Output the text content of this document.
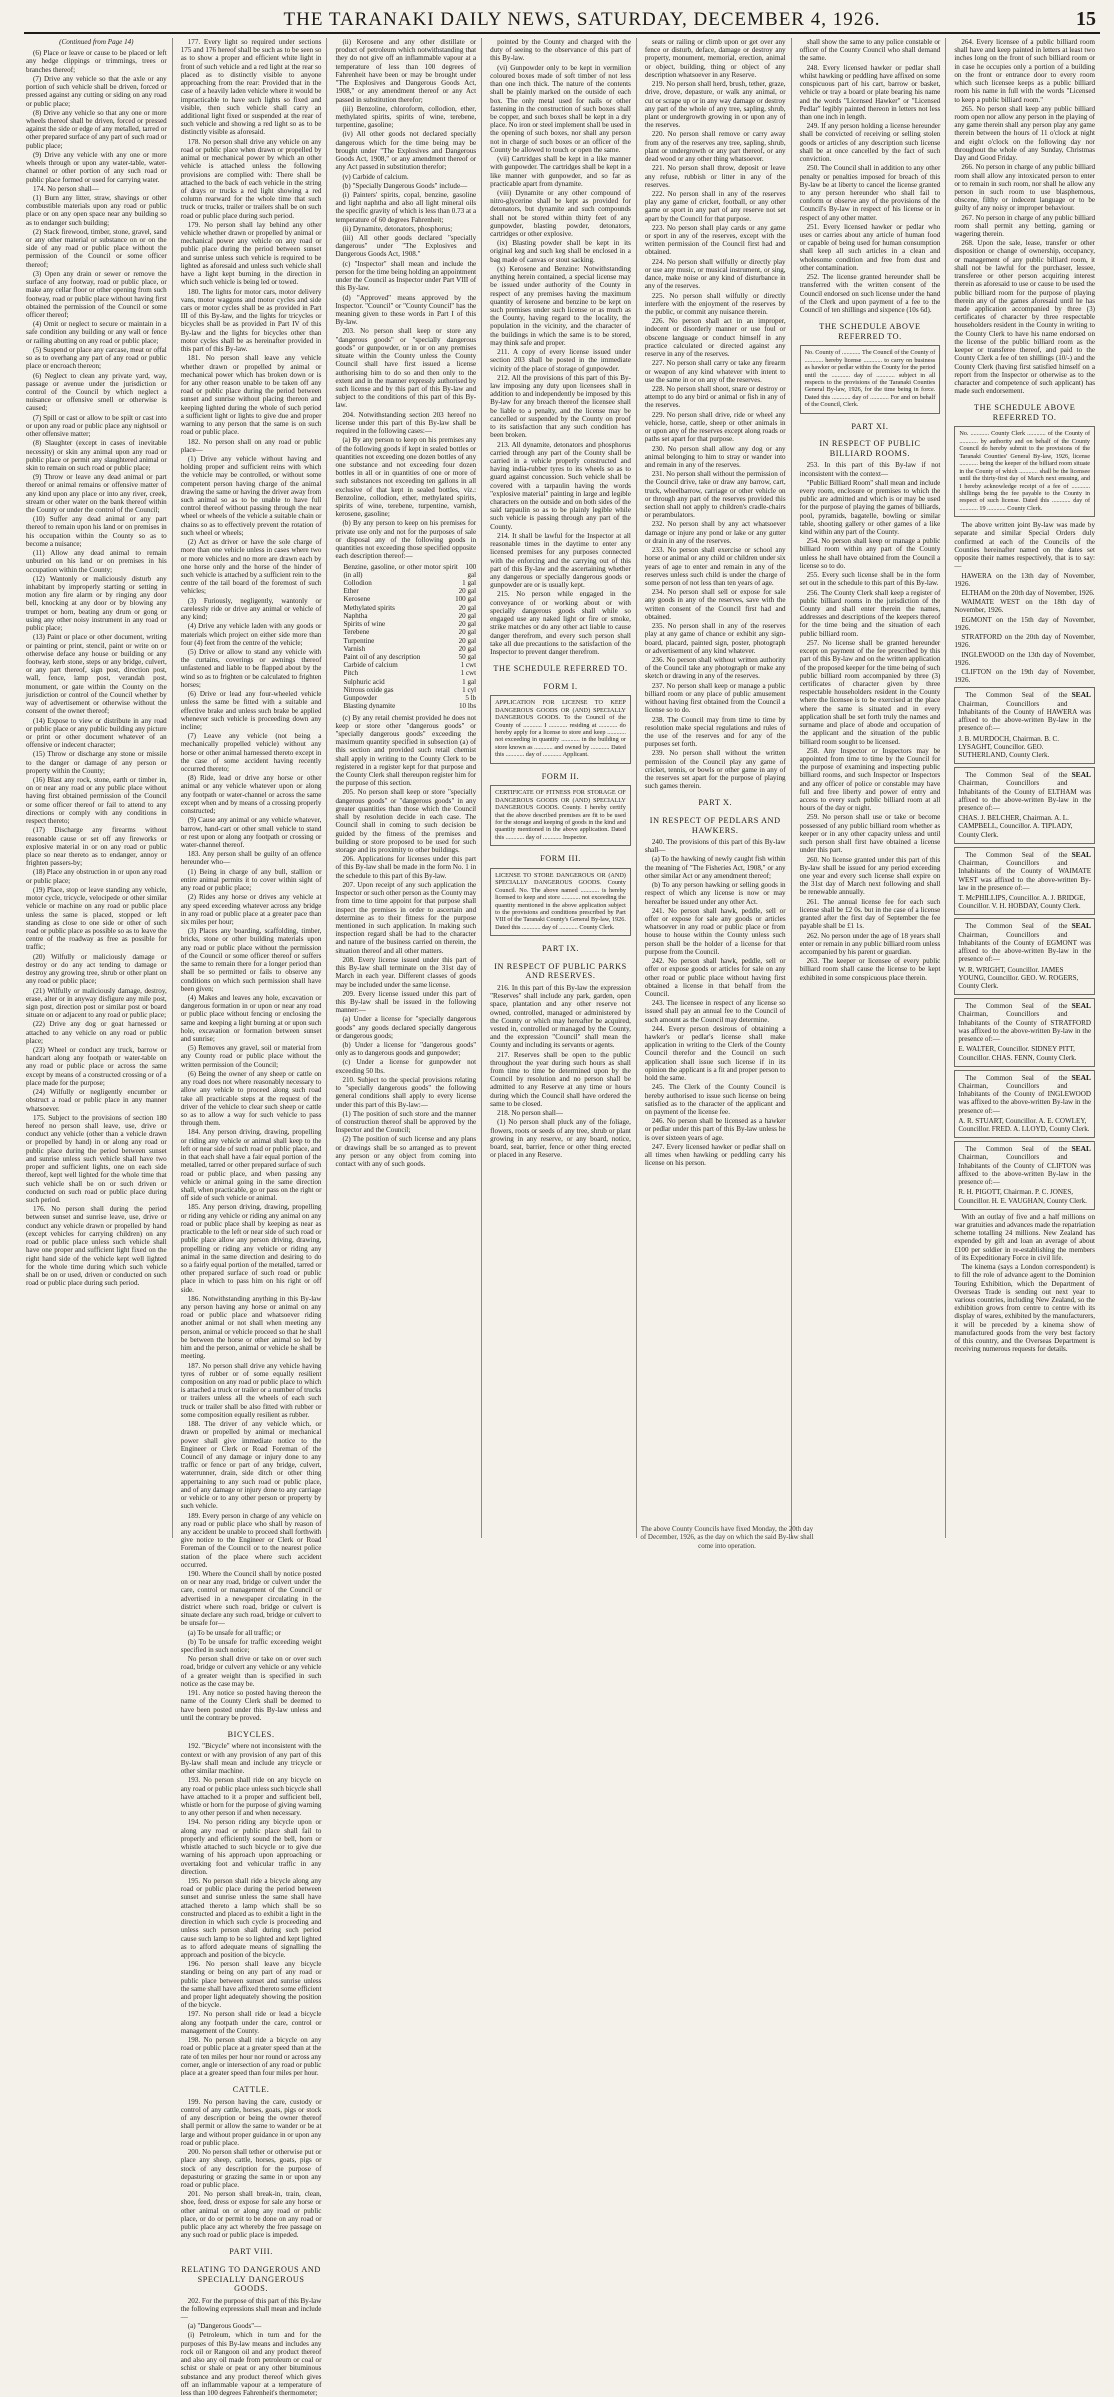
THE TARANAKI DAILY NEWS, SATURDAY, DECEMBER 4, 1926.	15

(Continued from Page 14)

(6) Place or leave or cause to be placed or left any hedge clippings or trimmings, trees or branches thereof;

(7) Drive any vehicle so that the axle or any portion of such vehicle shall be driven, forced or pressed against any cutting or siding on any road or public place;

(8) Drive any vehicle so that any one or more wheels thereof shall be driven, forced or pressed against the side or edge of any metalled, tarred or other prepared surface of any part of such road or public place;

(9) Drive any vehicle with any one or more wheels through or upon any water-table, water-channel or other portion of any such road or public place formed or used for carrying water.

174. No person shall—

(1) Burn any litter, straw, shavings or other combustible materials upon any road or public place or on any open space near any building so as to endanger such building;

(2) Stack firewood, timber, stone, gravel, sand or any other material or substance on or on the side of any road or public place without the permission of the Council or some officer thereof;

(3) Open any drain or sewer or remove the surface of any footway, road or public place, or make any cellar floor or other opening from such footway, road or public place without having first obtained the permission of the Council or some officer thereof;

(4) Omit or neglect to secure or maintain in a safe condition any building or any wall or fence or railing abutting on any road or public place;

(5) Suspend or place any carcase, meat or offal so as to overhang any part of any road or public place or encroach thereon;

(6) Neglect to clean any private yard, way, passage or avenue under the jurisdiction or control of the Council by which neglect a nuisance or offensive smell or otherwise is caused;

(7) Spill or cast or allow to be spilt or cast into or upon any road or public place any nightsoil or other offensive matter;

(8) Slaughter (except in cases of inevitable necessity) or skin any animal upon any road or public place or permit any slaughtered animal or skin to remain on such road or public place;

(9) Throw or leave any dead animal or part thereof or animal remains or offensive matter of any kind upon any place or into any river, creek, stream or other water on the bank thereof within the County or under the control of the Council;

(10) Suffer any dead animal or any part thereof to remain upon his land or on premises in his occupation within the County so as to become a nuisance;

(11) Allow any dead animal to remain unburied on his land or on premises in his occupation within the County;

(12) Wantonly or maliciously disturb any inhabitant by improperly starting or setting in motion any fire alarm or by ringing any door bell, knocking at any door or by blowing any trumpet or horn, beating any drum or gong or using any other noisy instrument in any road or public place;

(13) Paint or place or other document, writing or painting or print, stencil, paint or write on or otherwise deface any house or building or any footway, kerb stone, steps or any bridge, culvert, or any part thereof, sign post, direction post, wall, fence, lamp post, verandah post, monument, or gate within the County on the jurisdiction or control of the Council whether by way of advertisement or otherwise without the consent of the owner thereof;

(14) Expose to view or distribute in any road or public place or any public building any picture or print or other document whatever of an offensive or indecent character;

(15) Throw or discharge any stone or missile to the danger or damage of any person or property within the County;

(16) Blast any rock, stone, earth or timber in, on or near any road or any public place without having first obtained permission of the Council or some officer thereof or fail to attend to any directions or comply with any conditions in respect thereto;

(17) Discharge any firearms without reasonable cause or set off any fireworks or explosive material in or on any road or public place so near thereto as to endanger, annoy or frighten passers-by;

(18) Place any obstruction in or upon any road or public place;

(19) Place, stop or leave standing any vehicle, motor cycle, tricycle, velocipede or other similar vehicle or machine on any road or public place unless the same is placed, stopped or left standing as close to one side or other of such road or public place as possible so as to leave the centre of the roadway as free as possible for traffic;

(20) Wilfully or maliciously damage or destroy or do any act tending to damage or destroy any growing tree, shrub or other plant on any road or public place;

(21) Wilfully or maliciously damage, destroy, erase, alter or in anyway disfigure any mile post, sign post, direction post or similar post or board situate on or adjacent to any road or public place;

(22) Drive any dog or goat harnessed or attached to any vehicle on any road or public place;

(23) Wheel or conduct any truck, barrow or handcart along any footpath or water-table on any road or public place or across the same except by means of a constructed crossing or of a place made for the purpose;

(24) Wilfully or negligently encumber or obstruct a road or public place in any manner whatsoever.

175. Subject to the provisions of section 180 hereof no person shall leave, use, drive or conduct any vehicle (other than a vehicle drawn or propelled by hand) in or along any road or public place during the period between sunset and sunrise unless such vehicle shall have two proper and sufficient lights, one on each side thereof, kept well lighted for the whole time that such vehicle shall be on or such driven or conducted on such road or public place during such period.

176. No person shall during the period between sunset and sunrise leave, use, drive or conduct any vehicle drawn or propelled by hand (except vehicles for carrying children) on any road or public place unless such vehicle shall have one proper and sufficient light fixed on the right hand side of the vehicle kept well lighted for the whole time during which such vehicle shall be on or used, driven or conducted on such road or public place during such period.

177. Every light so required under sections 175 and 176 hereof shall be such as to be seen so as to show a proper and efficient white light in front of such vehicle and a red light at the rear so placed as to distinctly visible to anyone approaching from the rear: Provided that in the case of a heavily laden vehicle where it would be impracticable to have such lights so fixed and visible, then such vehicle shall carry an additional light fixed or suspended at the rear of such vehicle and showing a red light so as to be distinctly visible as aforesaid.

178. No person shall drive any vehicle on any road or public place when drawn or propelled by animal or mechanical power by which an other vehicle is attached unless the following provisions are complied with: There shall be attached to the back of each vehicle in the string of drays or trucks a red light showing a red column rearward for the whole time that such truck or trucks, trailer or trailers shall be on such road or public place during such period.

179. No person shall lay behind any other vehicle whether drawn or propelled by animal or mechanical power any vehicle on any road or public place during the period between sunset and sunrise unless such vehicle is required to be lighted as aforesaid and unless such vehicle shall have a light kept burning in the direction in which such vehicle is being led or towed.

180. The lights for motor cars, motor delivery vans, motor waggons and motor cycles and side cars or motor cycles shall be as provided in Part III of this By-law, and the lights for tricycles or bicycles shall be as provided in Part IV of this By-law and the lights for bicycles other than motor cycles shall be as hereinafter provided in this part of this By-law.

181. No person shall leave any vehicle whether drawn or propelled by animal or mechanical power which has broken down or is for any other reason unable to be taken off any road or public place during the period between sunset and sunrise without placing thereon and keeping lighted during the whole of such period a sufficient light or lights to give due and proper warning to any person that the same is on such road or public place.

182. No person shall on any road or public place—

(1) Drive any vehicle without having and holding proper and sufficient reins with which the vehicle may be controlled, or without some competent person having charge of the animal drawing the same or having the driver away from such animal so as to be unable to have full control thereof without passing through the near wheel or wheels of the vehicle a suitable chain or chains so as to effectively prevent the rotation of such wheel or wheels;

(2) Act as driver or have the sole charge of more than one vehicle unless in cases where two or more vehicles and no more are drawn each by one horse only and the horse of the hinder of such vehicle is attached by a sufficient rein to the centre of the tail board of the foremost of such vehicles;

(3) Furiously, negligently, wantonly or carelessly ride or drive any animal or vehicle of any kind;

(4) Drive any vehicle laden with any goods or materials which project on either side more than four (4) feet from the centre of the vehicle;

(5) Drive or allow to stand any vehicle with the curtains, coverings or awnings thereof unfastened and liable to be flapped about by the wind so as to frighten or be calculated to frighten horses;

(6) Drive or lead any four-wheeled vehicle unless the same be fitted with a suitable and effective brake and unless such brake be applied whenever such vehicle is proceeding down any incline;

(7) Leave any vehicle (not being a mechanically propelled vehicle) without any horse or other animal harnessed thereto except in the case of some accident having recently occurred thereto;

(8) Ride, lead or drive any horse or other animal or any vehicle whatever upon or along any footpath or water-channel or across the same except when and by means of a crossing properly constructed;

(9) Cause any animal or any vehicle whatever, barrow, hand-cart or other small vehicle to stand or rest upon or along any footpath or crossing or water-channel thereof.

183. Any person shall be guilty of an offence hereunder who—

(1) Being in charge of any bull, stallion or entire animal permits it to cover within sight of any road or public place;

(2) Rides any horse or drives any vehicle at any speed exceeding whatever across any bridge in any road or public place at a greater pace than six miles per hour;

(3) Places any boarding, scaffolding, timber, bricks, stone or other building materials upon any road or public place without the permission of the Council or some officer thereof or suffers the same to remain there for a longer period than shall be so permitted or fails to observe any conditions on which such permission shall have been given;

(4) Makes and leaves any hole, excavation or dangerous formation in or upon or near any road or public place without fencing or enclosing the same and keeping a light burning at or upon such hole, excavation or formation between sunset and sunrise;

(5) Removes any gravel, soil or material from any County road or public place without the written permission of the Council;

(6) Being the owner of any sheep or cattle on any road does not where reasonably necessary to allow any vehicle to proceed along such road take all practicable steps at the request of the driver of the vehicle to clear such sheep or cattle so as to allow a way for such vehicle to pass through them.

184. Any person driving, drawing, propelling or riding any vehicle or animal shall keep to the left or near side of such road or public place, and in that each shall have a fair equal portion of the metalled, tarred or other prepared surface of such road or public place, and when passing any vehicle or animal going in the same direction shall, when practicable, go or pass on the right or off side of such vehicle or animal.

185. Any person driving, drawing, propelling or riding any vehicle or riding any animal on any road or public place shall by keeping as near as practicable to the left or near side of such road or public place allow any person driving, drawing, propelling or riding any vehicle or riding any animal in the same direction and desiring to do so a fairly equal portion of the metalled, tarred or other prepared surface of such road or public place in which to pass him on his right or off side.

186. Notwithstanding anything in this By-law any person having any horse or animal on any road or public place and whatsoever riding another animal or not shall when meeting any person, animal or vehicle proceed so that he shall be between the horse or other animal so led by him and the person, animal or vehicle he shall be meeting.

187. No person shall drive any vehicle having tyres of rubber or of some equally resilient composition on any road or public place to which is attached a truck or trailer or a number of trucks or trailers unless all the wheels of each such truck or trailer shall be also fitted with rubber or some composition equally resilient as rubber.

188. The driver of any vehicle which, or drawn or propelled by animal or mechanical power shall give immediate notice to the Engineer or Clerk or Road Foreman of the Council of any damage or injury done to any traffic or fence or part of any bridge, culvert, waterrunner, drain, side ditch or other thing appertaining to any such road or public place, and of any damage or injury done to any carriage or vehicle or to any other person or property by such vehicle.

189. Every person in charge of any vehicle on any road or public place who shall by reason of any accident be unable to proceed shall forthwith give notice to the Engineer or Clerk or Road Foreman of the Council or to the nearest police station of the place where such accident occurred.

190. Where the Council shall by notice posted on or near any road, bridge or culvert under the care, control or management of the Council or advertised in a newspaper circulating in the district where such road, bridge or culvert is situate declare any such road, bridge or culvert to be unsafe for—

(a) To be unsafe for all traffic; or

(b) To be unsafe for traffic exceeding weight specified in such notice;

No person shall drive or take on or over such road, bridge or culvert any vehicle or any vehicle of a greater weight than is specified in such notice as the case may be.

191. Any notice so posted having thereon the name of the County Clerk shall be deemed to have been posted under this By-law unless and until the contrary be proved.

BICYCLES.

192. "Bicycle" where not inconsistent with the context or with any provision of any part of this By-law shall mean and include any tricycle or other similar machine.

193. No person shall ride on any bicycle on any road or public place unless such bicycle shall have attached to it a proper and sufficient bell, whistle or horn for the purpose of giving warning to any other person if and when necessary.

194. No person riding any bicycle upon or along any road or public place shall fail to properly and efficiently sound the bell, horn or whistle attached to such bicycle or to give due warning of his approach upon approaching or overtaking foot and vehicular traffic in any direction.

195. No person shall ride a bicycle along any road or public place during the period between sunset and sunrise unless the same shall have attached thereto a lamp which shall be so constructed and placed as to exhibit a light in the direction in which such cycle is proceeding and unless such person shall during such period cause such lamp to be so lighted and kept lighted as to afford adequate means of signalling the approach and position of the bicycle.

196. No person shall leave any bicycle standing or being on any part of any road or public place between sunset and sunrise unless the same shall have affixed thereto some efficient and proper light adequately showing the position of the bicycle.

197. No person shall ride or lead a bicycle along any footpath under the care, control or management of the County.

198. No person shall ride a bicycle on any road or public place at a greater speed than at the rate of ten miles per hour nor round or across any corner, angle or intersection of any road or public place at a greater speed than four miles per hour.

CATTLE.

199. No person having the care, custody or control of any cattle, horses, goats, pigs or stock of any description or being the owner thereof shall permit or allow the same to wander or be at large and without proper guidance in or upon any road or public place.

200. No person shall tether or otherwise put or place any sheep, cattle, horses, goats, pigs or stock of any description for the purpose of depasturing or grazing the same in or upon any road or public place.

201. No person shall break-in, train, clean, shoe, feed, dress or expose for sale any horse or other animal on or along any road or public place, or do or permit to be done on any road or public place any act whereby the free passage on any such road or public place is impeded.

PART VIII.
RELATING TO DANGEROUS AND SPECIALLY DANGEROUS GOODS.

202. For the purpose of this part of this By-law the following expressions shall mean and include—

(a) "Dangerous Goods"—

(i) Petroleum, which in turn and for the purposes of this By-law means and includes any rock oil or Rangoon oil and any product thereof and also any oil made from petroleum or coal or schist or shale or peat or any other bituminous substance and any product thereof which gives off an inflammable vapour at a temperature of less than 100 degrees Fahrenheit's thermometer;

(ii) Kerosene and any other distillate or product of petroleum which notwithstanding that they do not give off an inflammable vapour at a temperature of less than 100 degrees of Fahrenheit have been or may be brought under "The Explosives and Dangerous Goods Act, 1908," or any amendment thereof or any Act passed in substitution therefor;

(iii) Benzoline, chloroform, collodion, ether, methylated spirits, spirits of wine, terebene, turpentine, gasoline;

(iv) All other goods not declared specially dangerous which for the time being may be brought under "The Explosives and Dangerous Goods Act, 1908," or any amendment thereof or any Act passed in substitution therefor;

(v) Carbide of calcium.

(b) "Specially Dangerous Goods" include—

(i) Painters' spirits, copal, benzine, gasoline and light naphtha and also all light mineral oils the specific gravity of which is less than 0.73 at a temperature of 60 degrees Fahrenheit;

(ii) Dynamite, detonators, phosphorus;

(iii) All other goods declared "specially dangerous" under "The Explosives and Dangerous Goods Act, 1908."

(c) "Inspector" shall mean and include the person for the time being holding an appointment under the Council as Inspector under Part VIII of this By-law.

(d) "Approved" means approved by the Inspector. "Council" or "County Council" has the meaning given to these words in Part I of this By-law.

203. No person shall keep or store any "dangerous goods" or "specially dangerous goods" or gunpowder, or in or on any premises situate within the County unless the County Council shall have first issued a license authorising him to do so and then only to the extent and in the manner expressly authorised by such license and by this part of this By-law and subject to the conditions of this part of this By-law.

204. Notwithstanding section 203 hereof no license under this part of this By-law shall be required in the following cases:—

(a) By any person to keep on his premises any of the following goods if kept in sealed bottles or quantities not exceeding one dozen bottles of any one substance and not exceeding four dozen bottles in all or in quantities of one or more of such substances not exceeding ten gallons in all exclusive of that kept in sealed bottles, viz.: Benzoline, collodion, ether, methylated spirits, spirits of wine, terebene, turpentine, varnish, kerosene, gasoline;

(b) By any person to keep on his premises for private use only and not for the purposes of sale or disposal any of the following goods in quantities not exceeding those specified opposite each description thereof:—

Benzine, gasoline, or other motor spirit (in all)
100 gal
Collodion	1 gal
Ether	20 gal
Kerosene	100 gal
Methylated spirits	20 gal
Naphtha	20 gal
Spirits of wine	20 gal
Terebene	20 gal
Turpentine	20 gal
Varnish	20 gal
Paint oil of any description	50 gal
Carbide of calcium	1 cwt
Pitch	1 cwt
Sulphuric acid	1 gal
Nitrous oxide gas	1 cyl
Gunpowder	5 lb
Blasting dynamite	10 lbs

(c) By any retail chemist provided he does not keep or store other "dangerous goods" or "specially dangerous goods" exceeding the maximum quantity specified in subsection (a) of this section and provided such retail chemist shall apply in writing to the County Clerk to be registered in a register kept for that purpose and the County Clerk shall thereupon register him for the purpose of this section.

205. No person shall keep or store "specially dangerous goods" or "dangerous goods" in any greater quantities than those which the Council shall by resolution decide in each case. The Council shall in coming to such decision be guided by the fitness of the premises and building or store proposed to be used for such storage and its proximity to other buildings.

206. Applications for licenses under this part of this By-law shall be made in the form No. 1 in the schedule to this part of this By-law.

207. Upon receipt of any such application the Inspector or such other person as the County may from time to time appoint for that purpose shall inspect the premises in order to ascertain and determine as to their fitness for the purpose mentioned in such application. In making such inspection regard shall be had to the character and nature of the business carried on therein, the situation thereof and all other matters.

208. Every license issued under this part of this By-law shall terminate on the 31st day of March in each year. Different classes of goods may be included under the same license.

209. Every license issued under this part of this By-law shall be issued in the following manner:—

(a) Under a license for "specially dangerous goods" any goods declared specially dangerous or dangerous goods;

(b) Under a license for "dangerous goods" only as to dangerous goods and gunpowder;

(c) Under a license for gunpowder not exceeding 50 lbs.

210. Subject to the special provisions relating to "specially dangerous goods" the following general conditions shall apply to every license under this part of this By-law:—

(1) The position of such store and the manner of construction thereof shall be approved by the Inspector and the Council;

(2) The position of such license and any plans or drawings shall be so arranged as to prevent any person or any object from coming into contact with any of such goods.

pointed by the County and charged with the duty of seeing to the observance of this part of this By-law.

(vi) Gunpowder only to be kept in vermilion coloured boxes made of soft timber of not less than one inch thick. The nature of the contents shall be plainly marked on the outside of each box. The only metal used for nails or other fastening in the construction of such boxes shall be copper, and such boxes shall be kept in a dry place. No iron or steel implement shall be used in the opening of such boxes, nor shall any person not in charge of such boxes or an officer of the County be allowed to touch or open the same.

(vii) Cartridges shall be kept in a like manner with gunpowder. The cartridges shall be kept in a like manner with gunpowder, and so far as practicable apart from dynamite.

(viii) Dynamite or any other compound of nitro-glycerine shall be kept as provided for detonators, but dynamite and such compounds shall not be stored within thirty feet of any gunpowder, blasting powder, detonators, cartridges or other explosive.

(ix) Blasting powder shall be kept in its original keg and such keg shall be enclosed in a bag made of canvas or stout sacking.

(x) Kerosene and Benzine: Notwithstanding anything herein contained, a special license may be issued under authority of the County in respect of any premises having the maximum quantity of kerosene and benzine to be kept on such premises under such license or as much as the County, having regard to the locality, the population in the vicinity, and the character of the buildings in which the same is to be stored, may think safe and proper.

211. A copy of every license issued under section 203 shall be posted in the immediate vicinity of the place of storage of gunpowder.

212. All the provisions of this part of this By-law imposing any duty upon licensees shall in addition to and independently be imposed by this By-law for any breach thereof the licensee shall be liable to a penalty, and the license may be cancelled or suspended by the County on proof to its satisfaction that any such condition has been broken.

213. All dynamite, detonators and phosphorus carried through any part of the County shall be carried in a vehicle properly constructed and having india-rubber tyres to its wheels so as to guard against concussion. Such vehicle shall be covered with a tarpaulin having the words "explosive material" painting in large and legible characters on the outside and on both sides of the said tarpaulin so as to be plainly legible while such vehicle is passing through any part of the County.

214. It shall be lawful for the Inspector at all reasonable times in the daytime to enter any licensed premises for any purposes connected with the enforcing and the carrying out of this part of this By-law and the ascertaining whether any dangerous or specially dangerous goods or gunpowder are or is usually kept.

215. No person while engaged in the conveyance of or working about or with specially dangerous goods shall while so engaged use any naked light or fire or smoke, strike matches or do any other act liable to cause danger therefrom, and every such person shall take all due precautions to the satisfaction of the Inspector to prevent danger therefrom.

THE SCHEDULE REFERRED TO.
FORM I.

APPLICATION FOR LICENSE TO KEEP DANGEROUS GOODS OR (AND) SPECIALLY DANGEROUS GOODS. To the Council of the County of ............ I ............ residing at ............ do hereby apply for a license to store and keep ............ not exceeding in quantity ............ in the building or store known as ............ and owned by ............ Dated this ............ day of ............ Applicant.

FORM II.

CERTIFICATE OF FITNESS FOR STORAGE OF DANGEROUS GOODS OR (AND) SPECIALLY DANGEROUS GOODS. County. I hereby certify that the above described premises are fit to be used for the storage and keeping of goods in the kind and quantity mentioned in the above application. Dated this ............ day of ............ Inspector.

FORM III.

LICENSE TO STORE DANGEROUS OR (AND) SPECIALLY DANGEROUS GOODS. County Council. No. The above named ............ is hereby licensed to keep and store ............ not exceeding the quantity mentioned in the above application subject to the provisions and conditions prescribed by Part VIII of the Taranaki County's General By-law, 1926. Dated this ............ day of ............ County Clerk.

PART IX.
IN RESPECT OF PUBLIC PARKS AND RESERVES.

216. In this part of this By-law the expression "Reserves" shall include any park, garden, open space, plantation and any other reserve not owned, controlled, managed or administered by the County or which may hereafter be acquired, vested in, controlled or managed by the County, and the expression "Council" shall mean the County and including its servants or agents.

217. Reserves shall be open to the public throughout the year during such hours as shall from time to time be determined upon by the Council by resolution and no person shall be admitted to any Reserve at any time or hours during which the Council shall have ordered the same to be closed.

218. No person shall—

(1) No person shall pluck any of the foliage, flowers, roots or seeds of any tree, shrub or plant growing in any reserve, or any board, notice, board, seat, barrier, fence or other thing erected or placed in any Reserve.

seats or railing or climb upon or get over any fence or disturb, deface, damage or destroy any property, monument, memorial, erection, animal or object, building, thing or object of any description whatsoever in any Reserve.

219. No person shall herd, brush, tether, graze, drive, drove, depasture, or walk any animal, or cut or scrape up or in any way damage or destroy any part of the whole of any tree, sapling, shrub, plant or undergrowth growing in or upon any of the reserves.

220. No person shall remove or carry away from any of the reserves any tree, sapling, shrub, plant or undergrowth or any part thereof, or any dead wood or any other thing whatsoever.

221. No person shall throw, deposit or leave any refuse, rubbish or litter in any of the reserves.

222. No person shall in any of the reserves play any game of cricket, football, or any other game or sport in any part of any reserve not set apart by the Council for that purpose.

223. No person shall play cards or any game or sport in any of the reserves, except with the written permission of the Council first had and obtained.

224. No person shall wilfully or directly play or use any music, or musical instrument, or sing, dance, make noise or any kind of disturbance in any of the reserves.

225. No person shall wilfully or directly interfere with the enjoyment of the reserves by the public, or commit any nuisance therein.

226. No person shall act in an improper, indecent or disorderly manner or use foul or obscene language or conduct himself in any practice calculated or directed against any reserve in any of the reserves.

227. No person shall carry or take any firearm or weapon of any kind whatever with intent to use the same in or on any of the reserves.

228. No person shall shoot, snare or destroy or attempt to do any bird or animal or fish in any of the reserves.

229. No person shall drive, ride or wheel any vehicle, horse, cattle, sheep or other animals in or upon any of the reserves except along roads or paths set apart for that purpose.

230. No person shall allow any dog or any animal belonging to him to stray or wander into and remain in any of the reserves.

231. No person shall without the permission of the Council drive, take or draw any barrow, cart, truck, wheelbarrow, carriage or other vehicle on or through any part of the reserves provided this section shall not apply to children's cradle-chairs or perambulators.

232. No person shall by any act whatsoever damage or injure any pond or lake or any gutter or drain in any of the reserves.

233. No person shall exercise or school any horse or animal or any child or children under six years of age to enter and remain in any of the reserves unless such child is under the charge of some person of not less than ten years of age.

234. No person shall sell or expose for sale any goods in any of the reserves, save with the written consent of the Council first had and obtained.

235. No person shall in any of the reserves play at any game of chance or exhibit any sign-board, placard, painted sign, poster, photograph or advertisement of any kind whatever.

236. No person shall without written authority of the Council take any photograph or make any sketch or drawing in any of the reserves.

237. No person shall keep or manage a public billiard room or any place of public amusement without having first obtained from the Council a license so to do.

238. The Council may from time to time by resolution make special regulations and rules of the use of the reserves and for any of the purposes set forth.

239. No person shall without the written permission of the Council play any game of cricket, tennis, or bowls or other game in any of the reserves set apart for the purpose of playing such games therein.

PART X.
IN RESPECT OF PEDLARS AND HAWKERS.

240. The provisions of this part of this By-law shall—

(a) To the hawking of newly caught fish within the meaning of "The Fisheries Act, 1908," or any other similar Act or any amendment thereof;

(b) To any person hawking or selling goods in respect of which any license is now or may hereafter be issued under any other Act.

241. No person shall hawk, peddle, sell or offer or expose for sale any goods or articles whatsoever in any road or public place or from house to house within the County unless such person shall be the holder of a license for that purpose from the Council.

242. No person shall hawk, peddle, sell or offer or expose goods or articles for sale on any other road or public place without having first obtained a license in that behalf from the Council.

243. The licensee in respect of any license so issued shall pay an annual fee to the Council of such amount as the Council may determine.

244. Every person desirous of obtaining a hawker's or pedlar's license shall make application in writing to the Clerk of the County Council therefor and the Council on such application shall issue such license if in its opinion the applicant is a fit and proper person to hold the same.

245. The Clerk of the County Council is hereby authorised to issue such license on being satisfied as to the character of the applicant and on payment of the license fee.

246. No person shall be licensed as a hawker or pedlar under this part of this By-law unless he is over sixteen years of age.

247. Every licensed hawker or pedlar shall on all times when hawking or peddling carry his license on his person.

shall show the same to any police constable or officer of the County Council who shall demand the same.

248. Every licensed hawker or pedlar shall whilst hawking or peddling have affixed on some conspicuous part of his cart, barrow or basket, vehicle or tray a board or plate bearing his name and the words "Licensed Hawker" or "Licensed Pedlar" legibly painted thereon in letters not less than one inch in length.

249. If any person holding a license hereunder shall be convicted of receiving or selling stolen goods or articles of any description such license shall be at once cancelled by the fact of such conviction.

250. The Council shall in addition to any other penalty or penalties imposed for breach of this By-law be at liberty to cancel the license granted to any person hereunder who shall fail to conform or observe any of the provisions of the Council's By-law in respect of his license or in respect of any other matter.

251. Every licensed hawker or pedlar who uses or carries about any article of human food or capable of being used for human consumption shall keep all such articles in a clean and wholesome condition and free from dust and other contamination.

252. The license granted hereunder shall be transferred with the written consent of the Council endorsed on such license under the hand of the Clerk and upon payment of a fee to the Council of ten shillings and sixpence (10s 6d).

THE SCHEDULE ABOVE REFERRED TO.

No. County of ............ The Council of the County of ............ hereby license ............ to carry on business as hawker or pedlar within the County for the period until the ............ day of ............ subject in all respects to the provisions of the Taranaki Counties General By-law, 1926, for the time being in force. Dated this ............ day of ............ For and on behalf of the Council, Clerk.

PART XI.
IN RESPECT OF PUBLIC BILLIARD ROOMS.

253. In this part of this By-law if not inconsistent with the context—

"Public Billiard Room" shall mean and include every room, enclosure or premises to which the public are admitted and which is or may be used for the purpose of playing the games of billiards, pool, pyramids, bagatelle, bowling or similar table, shooting gallery or other games of a like kind within any part of the County.

254. No person shall keep or manage a public billiard room within any part of the County unless he shall have obtained from the Council a license so to do.

255. Every such license shall be in the form set out in the schedule to this part of this By-law.

256. The County Clerk shall keep a register of public billiard rooms in the jurisdiction of the County and shall enter therein the names, addresses and descriptions of the keepers thereof for the time being and the situation of each public billiard room.

257. No license shall be granted hereunder except on payment of the fee prescribed by this part of this By-law and on the written application of the proposed keeper for the time being of such public billiard room accompanied by three (3) certificates of character given by three respectable householders resident in the County where the licensee is to be exercised at the place where the same is situated and in every application shall be set forth truly the names and surname and place of abode and occupation of the applicant and the situation of the public billiard room sought to be licensed.

258. Any Inspector or Inspectors may be appointed from time to time by the Council for the purpose of examining and inspecting public billiard rooms, and such Inspector or Inspectors and any officer of police or constable may have full and free liberty and power of entry and access to every such public billiard room at all hours of the day or night.

259. No person shall use or take or become possessed of any public billiard room whether as keeper or in any other capacity unless and until such person shall first have obtained a license under this part.

260. No license granted under this part of this By-law shall be issued for any period exceeding one year and every such license shall expire on the 31st day of March next following and shall be renewable annually.

261. The annual license fee for each such license shall be £2 0s. but in the case of a license granted after the first day of September the fee payable shall be £1 1s.

262. No person under the age of 18 years shall enter or remain in any public billiard room unless accompanied by his parent or guardian.

263. The keeper or licensee of every public billiard room shall cause the license to be kept exhibited in some conspicuous place therein.

264. Every licensee of a public billiard room shall have and keep painted in letters at least two inches long on the front of such billiard room or in case he occupies only a portion of a building on the front or entrance door to every room which such licensee keeps as a public billiard room his name in full with the words "Licensed to keep a public billiard room."

265. No person shall keep any public billiard room open nor allow any person in the playing of any game therein shall any person play any game therein between the hours of 11 o'clock at night and eight o'clock on the following day nor throughout the whole of any Sunday, Christmas Day and Good Friday.

266. No person in charge of any public billiard room shall allow any intoxicated person to enter or to remain in such room, nor shall he allow any person in such room to use blasphemous, obscene, filthy or indecent language or to be guilty of any noisy or improper behaviour.

267. No person in charge of any public billiard room shall permit any betting, gaming or wagering therein.

268. Upon the sale, lease, transfer or other disposition or change of ownership, occupancy, or management of any public billiard room, it shall not be lawful for the purchaser, lessee, transferee or other person acquiring interest therein as aforesaid to use or cause to be used the public billiard room for the purpose of playing therein any of the games aforesaid until he has made application accompanied by three (3) certificates of character by three respectable householders resident in the County in writing to the County Clerk to have his name endorsed on the license of the public billiard room as the keeper or transferee thereof, and paid to the County Clerk a fee of ten shillings (10/-) and the County Clerk (having first satisfied himself on a report from the Inspector or otherwise as to the character and competence of such applicant) has made such endorsement.

THE SCHEDULE ABOVE REFERRED TO.

No. ............ County Clerk ............ of the County of ............ by authority and on behalf of the County Council do hereby submit to the provisions of the Taranaki Counties' General By-law, 1926, license ............ being the keeper of the billiard room situate in the County of which ............ shall be the licensee until the thirty-first day of March next ensuing, and I hereby acknowledge receipt of a fee of ............ shillings being the fee payable to the County in respect of such license. Dated this ............ day of ............ 19 ............ County Clerk.

The above written joint By-law was made by separate and similar Special Orders duly confirmed at each of the Councils of the Counties hereinafter named on the dates set opposite their names respectively, that is to say:—

HAWERA on the 13th day of November, 1926.

ELTHAM on the 20th day of November, 1926.

WAIMATE WEST on the 18th day of November, 1926.

EGMONT on the 15th day of November, 1926.

STRATFORD on the 20th day of November, 1926.

INGLEWOOD on the 13th day of November, 1926.

CLIFTON on the 19th day of November, 1926.

SEAL

The Common Seal of the Chairman, Councillors and Inhabitants of the County of HAWERA was affixed to the above-written By-law in the presence of:—

J. B. MURDOCH, Chairman. B. C. LYSAGHT, Councillor. GEO. SUTHERLAND, County Clerk.

SEAL

The Common Seal of the Chairman, Councillors and Inhabitants of the County of ELTHAM was affixed to the above-written By-law in the presence of:—

CHAS. J. BELCHER, Chairman. A. L. CAMPBELL, Councillor. A. TIPLADY, County Clerk.

SEAL

The Common Seal of the Chairman, Councillors and Inhabitants of the County of WAIMATE WEST was affixed to the above-written By-law in the presence of:—

T. McPHILLIPS, Councillor. A. J. BRIDGE, Councillor. V. H. HOBDAY, County Clerk.

SEAL

The Common Seal of the Chairman, Councillors and Inhabitants of the County of EGMONT was affixed to the above-written By-law in the presence of:—

W. R. WRIGHT, Councillor. JAMES YOUNG, Councillor. GEO. W. ROGERS, County Clerk.

SEAL

The Common Seal of the Chairman, Councillors and Inhabitants of the County of STRATFORD was affixed to the above-written By-law in the presence of:—

E. WALTER, Councillor. SIDNEY PITT, Councillor. CHAS. FENN, County Clerk.

SEAL

The Common Seal of the Chairman, Councillors and Inhabitants of the County of INGLEWOOD was affixed to the above-written By-law in the presence of:—

A. R. STUART, Councillor. A. E. COWLEY, Councillor. FRED. A. LLOYD, County Clerk.

SEAL

The Common Seal of the Chairman, Councillors and Inhabitants of the County of CLIFTON was affixed to the above-written By-law in the presence of:—

R. H. PIGOTT, Chairman. P. C. JONES, Councillor. H. E. VAUGHAN, County Clerk.

With an outlay of five and a half millions on war gratuities and advances made the repatriation scheme totalling 24 millions. New Zealand has expended by gift and loan an average of about £100 per soldier in re-establishing the members of its Expeditionary Force in civil life.

The kinema (says a London correspondent) is to fill the role of advance agent to the Dominion Touring Exhibition, which the Department of Overseas Trade is sending out next year to various countries, including New Zealand, so the exhibition grows from centre to centre with its display of wares, exhibited by the manufacturers, it will be preceded by a kinema show of manufactured goods from the very best factory of this country, and the Overseas Department is receiving numerous requests for details.

The above County Councils have fixed Monday, the 20th day of December, 1926, as the day on which the said By-law shall come into operation.
